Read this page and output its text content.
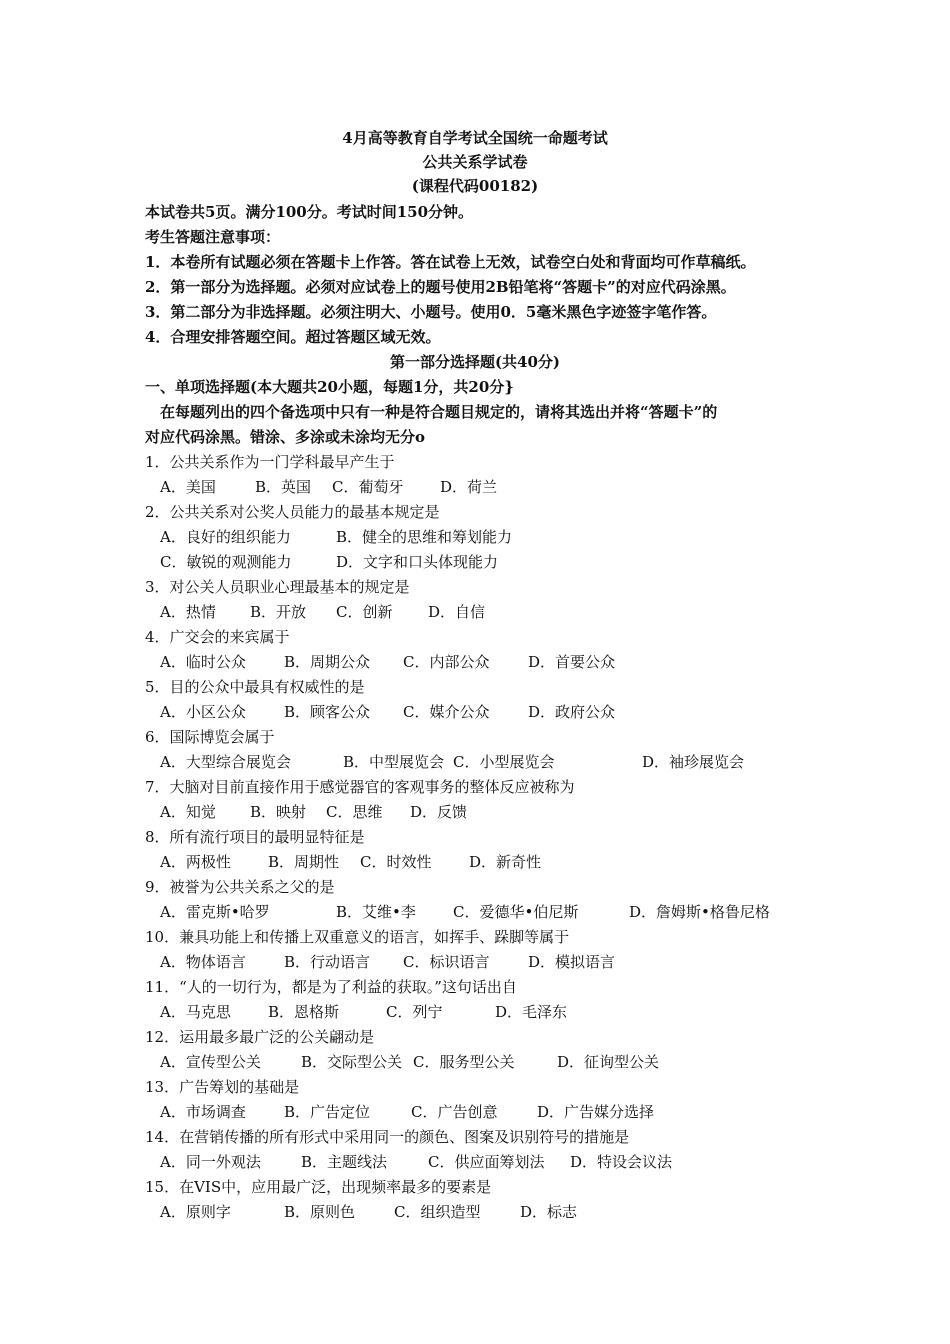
4月高等教育自学考试全国统一命题考试
公共关系学试卷
(课程代码00182)
本试卷共5页。满分100分。考试时间150分钟。
考生答题注意事项：
1．本卷所有试题必须在答题卡上作答。答在试卷上无效，试卷空白处和背面均可作草稿纸。
2．第一部分为选择题。必须对应试卷上的题号使用2B铅笔将“答题卡”的对应代码涂黑。
3．第二部分为非选择题。必须注明大、小题号。使用0．5毫米黑色字迹签字笔作答。
4．合理安排答题空间。超过答题区域无效。
第一部分选择题(共40分)
一、单项选择题(本大题共20小题，每题1分，共20分}
在每题列出的四个备选项中只有一种是符合题目规定的，请将其选出并将“答题卡”的
对应代码涂黑。错涂、多涂或未涂均无分o
1．公共关系作为一门学科最早产生于
A．美国	B．英国 C．葡萄牙 D．荷兰
2．公共关系对公奖人员能力的最基本规定是
A．良好的组织能力	B．健全的思维和筹划能力
C．敏锐的观测能力	D．文字和口头体现能力
3．对公关人员职业心理最基本的规定是
A．热情 B．开放 C．创新 D．自信
4．广交会的来宾属于
A．临时公众	B．周期公众 C．内部公众	D．首要公众
5．目的公众中最具有权威性的是
A．小区公众	B．顾客公众 C．媒介公众	D．政府公众
6．国际博览会属于
A．大型综合展览会	B．中型展览会 C．小型展览会	D．袖珍展览会
7．大脑对目前直接作用于感觉器官的客观事务的整体反应被称为
A．知觉 B．映射 C．思维 D．反馈
8．所有流行项目的最明显特征是
A．两极性 B．周期性 C．时效性	D．新奇性
9．被誉为公共关系之父的是
A．雷克斯•哈罗	B．艾维•李 C．爱德华•伯尼斯	D．詹姆斯•格鲁尼格
10．兼具功能上和传播上双重意义的语言，如挥手、跺脚等属于
A．物体语言	B．行动语言 C．标识语言	D．模拟语言
11．“人的一切行为，都是为了利益的获取。”这句话出自
A．马克思 B．恩格斯	C．列宁	D．毛泽东
12．运用最多最广泛的公关翩动是
A．宣传型公关	B．交际型公关 C．服务型公关	D．征询型公关
13．广告筹划的基础是
A．市场调查	B．广告定位	C．广告创意	D．广告媒分选择
14．在营销传播的所有形式中采用同一的颜色、图案及识别符号的措施是
A．同一外观法	B．主题线法	C．供应面筹划法 D．特设会议法
15．在VIS中，应用最广泛，出现频率最多的要素是
A．原则字	B．原则色	C．组织造型	D．标志
